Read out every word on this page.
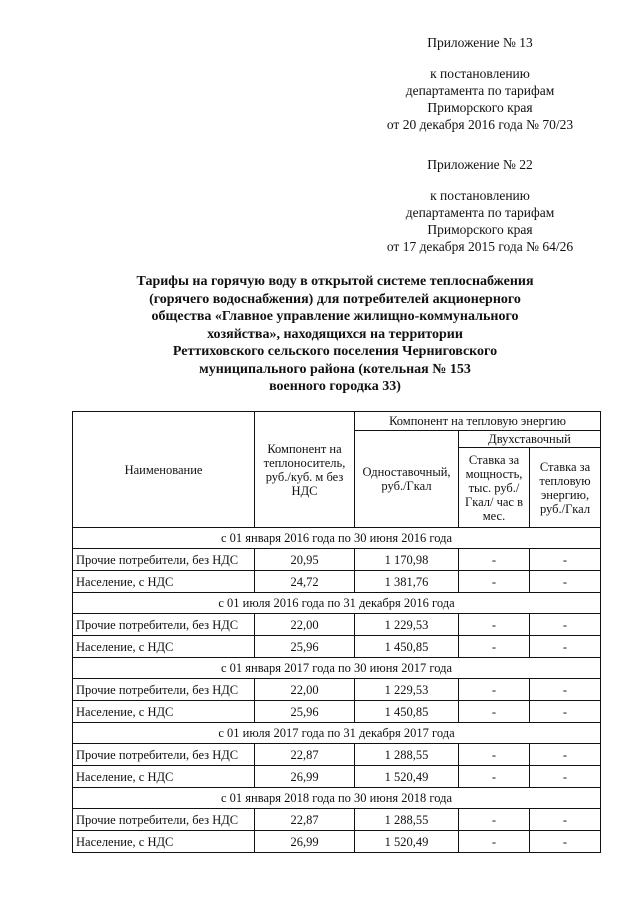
Приложение № 13
к постановлению
департамента по тарифам
Приморского края
от 20 декабря 2016 года № 70/23
Приложение № 22
к постановлению
департамента по тарифам
Приморского края
от 17 декабря 2015 года № 64/26
Тарифы на горячую воду в открытой системе теплоснабжения
(горячего водоснабжения) для потребителей акционерного
общества «Главное управление жилищно-коммунального
хозяйства», находящихся на территории
Реттиховского сельского поселения Черниговского
муниципального района (котельная № 153
военного городка 33)
Наименование	Компонент на теплоноситель, руб./куб. м без НДС	Компонент на тепловую энергию		
		Одноставочный, руб./Гкал	Двухставочный	
			Ставка за мощность, тыс. руб./Гкал/ час в мес.	Ставка за тепловую энергию, руб./Гкал
с 01 января 2016 года по 30 июня 2016 года				
Прочие потребители, без НДС	20,95	1 170,98	-	-
Население, с НДС	24,72	1 381,76	-	-
с 01 июля 2016 года по 31 декабря 2016 года				
Прочие потребители, без НДС	22,00	1 229,53	-	-
Население, с НДС	25,96	1 450,85	-	-
с 01 января 2017 года по 30 июня 2017 года				
Прочие потребители, без НДС	22,00	1 229,53	-	-
Население, с НДС	25,96	1 450,85	-	-
с 01 июля 2017 года по 31 декабря 2017 года				
Прочие потребители, без НДС	22,87	1 288,55	-	-
Население, с НДС	26,99	1 520,49	-	-
с 01 января 2018 года по 30 июня 2018 года				
Прочие потребители, без НДС	22,87	1 288,55	-	-
Население, с НДС	26,99	1 520,49	-	-
